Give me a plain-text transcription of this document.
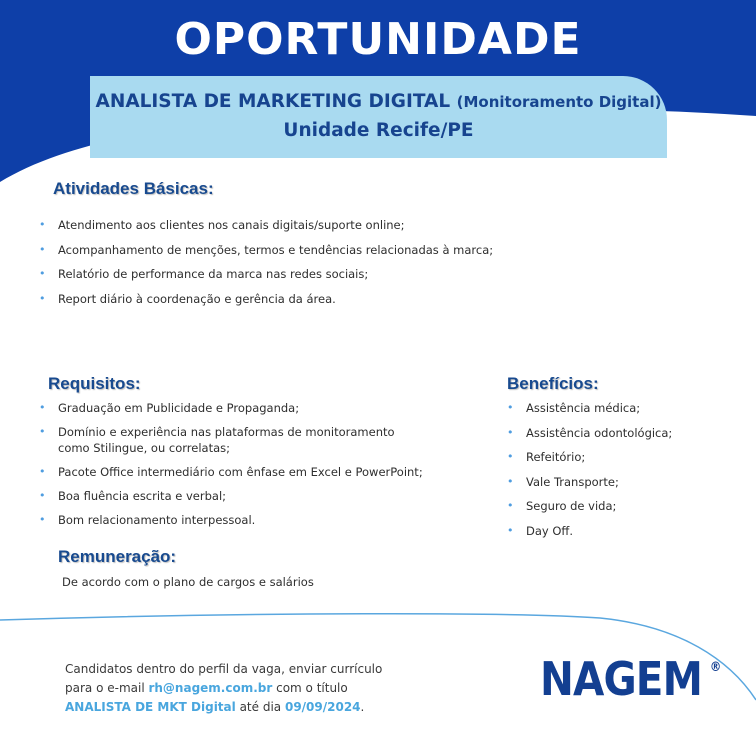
OPORTUNIDADE
ANALISTA DE MARKETING DIGITAL (Monitoramento Digital)
Unidade Recife/PE
Atividades Básicas:
• Atendimento aos clientes nos canais digitais/suporte online;
• Acompanhamento de menções, termos e tendências relacionadas à marca;
• Relatório de performance da marca nas redes sociais;
• Report diário à coordenação e gerência da área.
Requisitos:
• Graduação em Publicidade e Propaganda;
• Domínio e experiência nas plataformas de monitoramento
como Stilingue, ou correlatas;
• Pacote Office intermediário com ênfase em Excel e PowerPoint;
• Boa fluência escrita e verbal;
• Bom relacionamento interpessoal.
Benefícios:
• Assistência médica;
• Assistência odontológica;
• Refeitório;
• Vale Transporte;
• Seguro de vida;
• Day Off.
Remuneração:
De acordo com o plano de cargos e salários
Candidatos dentro do perfil da vaga, enviar currículo
para o e-mail rh@nagem.com.br com o título
ANALISTA DE MKT Digital até dia 09/09/2024.
NAGEM ®
